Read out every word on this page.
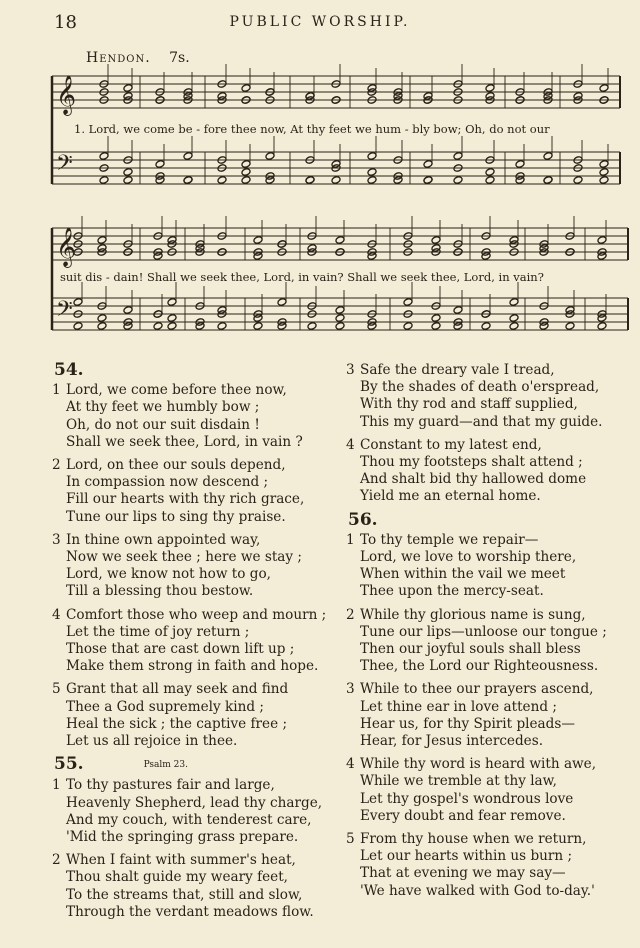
18	PUBLIC WORSHIP.
Hendon. 7s.
𝄞
𝄢
𝄞
𝄢
1. Lord, we come be - fore thee now, At thy feet we hum - bly bow; Oh, do not our
suit dis - dain! Shall we seek thee, Lord, in vain? Shall we seek thee, Lord, in vain?
54.
1 Lord, we come before thee now,
At thy feet we humbly bow ;
Oh, do not our suit disdain !
Shall we seek thee, Lord, in vain ?
2 Lord, on thee our souls depend,
In compassion now descend ;
Fill our hearts with thy rich grace,
Tune our lips to sing thy praise.
3 In thine own appointed way,
Now we seek thee ; here we stay ;
Lord, we know not how to go,
Till a blessing thou bestow.
4 Comfort those who weep and mourn ;
Let the time of joy return ;
Those that are cast down lift up ;
Make them strong in faith and hope.
5 Grant that all may seek and find
Thee a God supremely kind ;
Heal the sick ; the captive free ;
Let us all rejoice in thee.
55.	$^{Psalm 23.}$
1 To thy pastures fair and large,
Heavenly Shepherd, lead thy charge,
And my couch, with tenderest care,
'Mid the springing grass prepare.
2 When I faint with summer's heat,
Thou shalt guide my weary feet,
To the streams that, still and slow,
Through the verdant meadows flow.
3 Safe the dreary vale I tread,
By the shades of death o'erspread,
With thy rod and staff supplied,
This my guard—and that my guide.
4 Constant to my latest end,
Thou my footsteps shalt attend ;
And shalt bid thy hallowed dome
Yield me an eternal home.
56.
1 To thy temple we repair—
Lord, we love to worship there,
When within the vail we meet
Thee upon the mercy-seat.
2 While thy glorious name is sung,
Tune our lips—unloose our tongue ;
Then our joyful souls shall bless
Thee, the Lord our Righteousness.
3 While to thee our prayers ascend,
Let thine ear in love attend ;
Hear us, for thy Spirit pleads—
Hear, for Jesus intercedes.
4 While thy word is heard with awe,
While we tremble at thy law,
Let thy gospel's wondrous love
Every doubt and fear remove.
5 From thy house when we return,
Let our hearts within us burn ;
That at evening we may say—
'We have walked with God to-day.'
